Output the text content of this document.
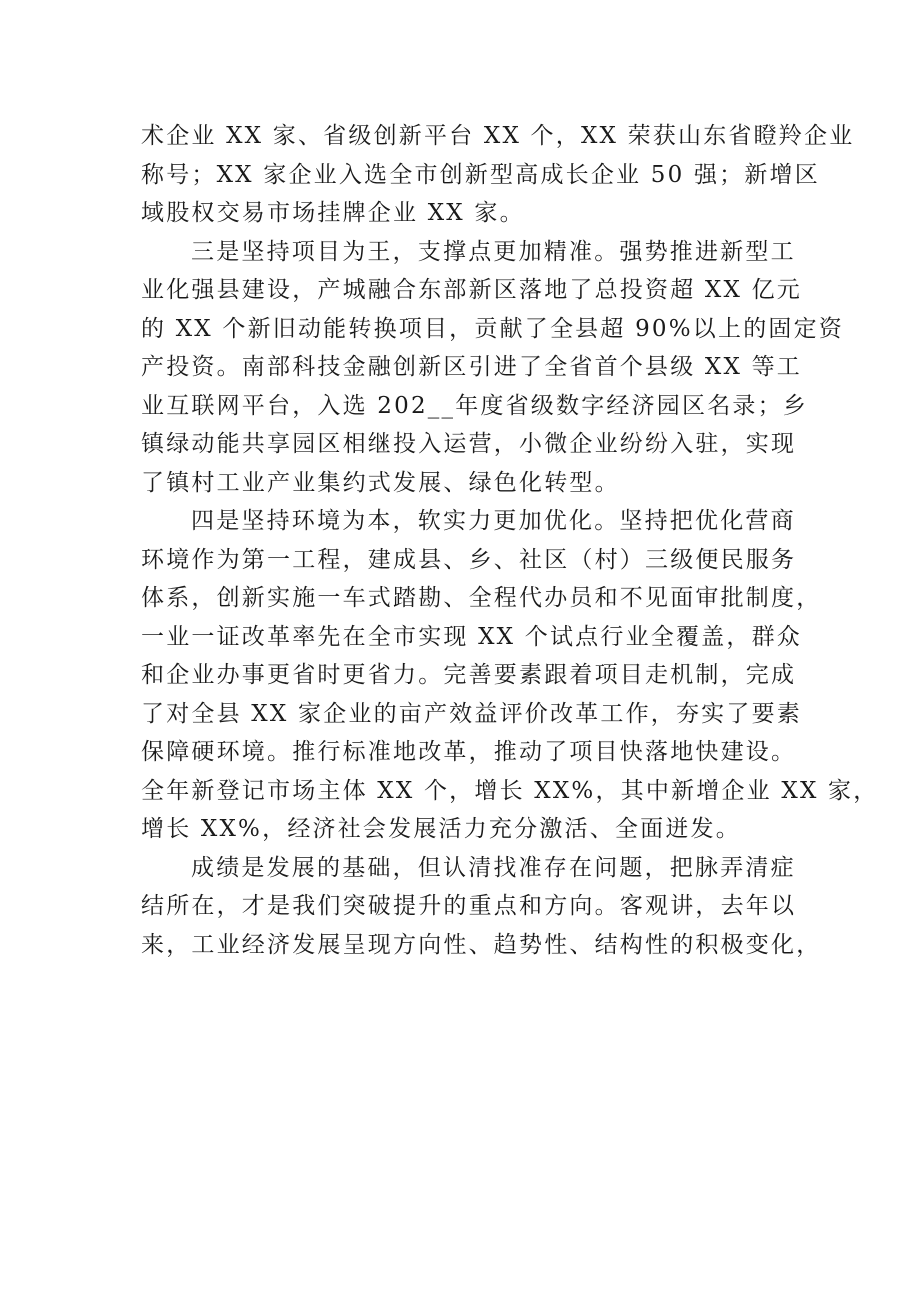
术企业 XX 家、省级创新平台 XX 个，XX 荣获山东省瞪羚企业
称号；XX 家企业入选全市创新型高成长企业 50 强；新增区
域股权交易市场挂牌企业 XX 家。
三是坚持项目为王，支撑点更加精准。强势推进新型工
业化强县建设，产城融合东部新区落地了总投资超 XX 亿元
的 XX 个新旧动能转换项目，贡献了全县超 90%以上的固定资
产投资。南部科技金融创新区引进了全省首个县级 XX 等工
业互联网平台，入选 202__年度省级数字经济园区名录；乡
镇绿动能共享园区相继投入运营，小微企业纷纷入驻，实现
了镇村工业产业集约式发展、绿色化转型。
四是坚持环境为本，软实力更加优化。坚持把优化营商
环境作为第一工程，建成县、乡、社区（村）三级便民服务
体系，创新实施一车式踏勘、全程代办员和不见面审批制度，
一业一证改革率先在全市实现 XX 个试点行业全覆盖，群众
和企业办事更省时更省力。完善要素跟着项目走机制，完成
了对全县 XX 家企业的亩产效益评价改革工作，夯实了要素
保障硬环境。推行标准地改革，推动了项目快落地快建设。
全年新登记市场主体 XX 个，增长 XX%，其中新增企业 XX 家，
增长 XX%，经济社会发展活力充分激活、全面迸发。
成绩是发展的基础，但认清找准存在问题，把脉弄清症
结所在，才是我们突破提升的重点和方向。客观讲，去年以
来，工业经济发展呈现方向性、趋势性、结构性的积极变化，
